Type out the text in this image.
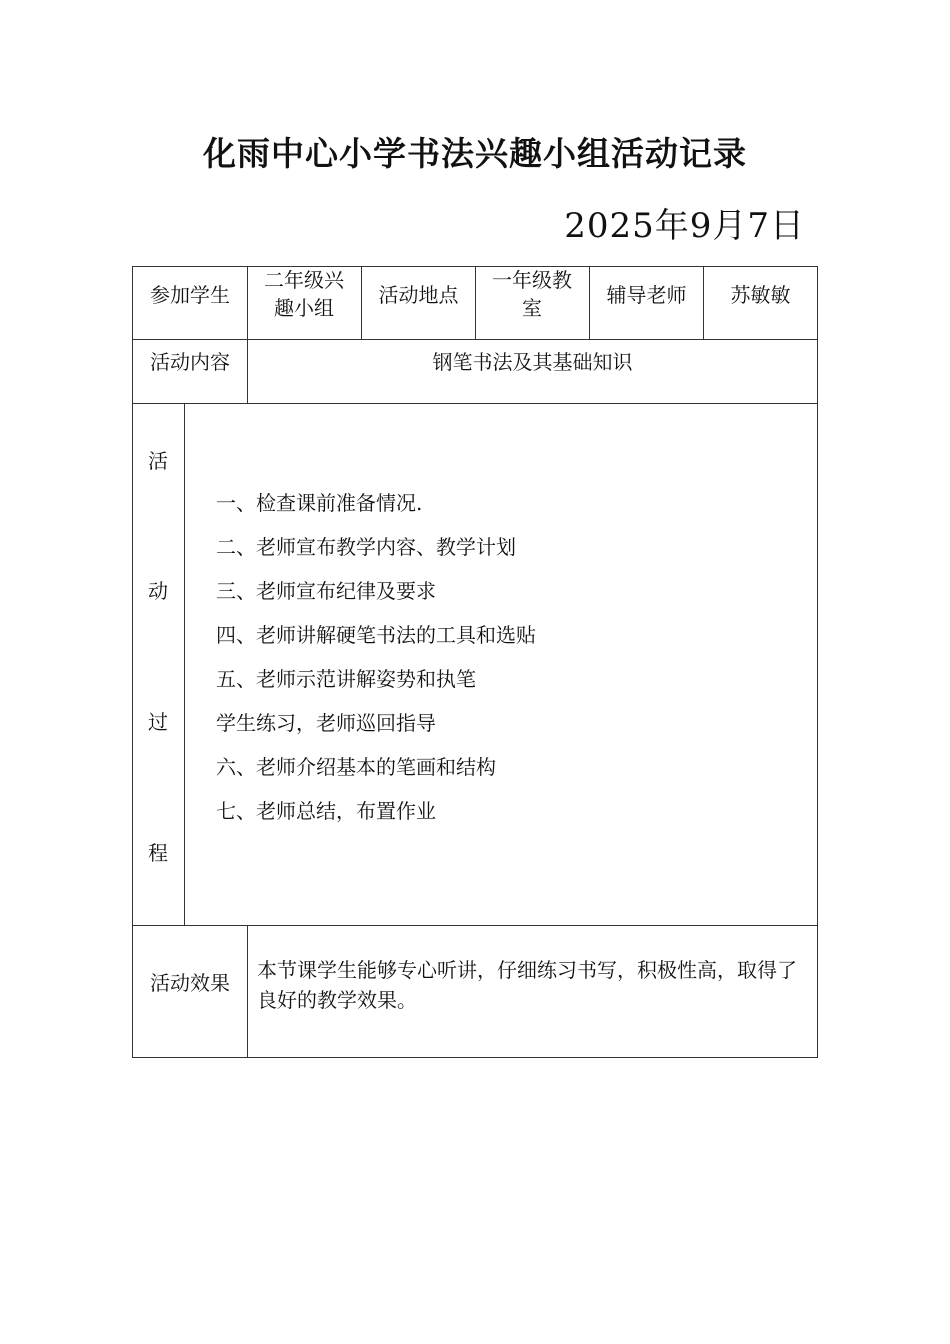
化雨中心小学书法兴趣小组活动记录
2025年9月7日
参加学生
二年级兴趣小组
活动地点
一年级教室
辅导老师	苏敏敏
活动内容	钢笔书法及其基础知识
活
动
过
程
一、检查课前准备情况.
二、老师宣布教学内容、教学计划
三、老师宣布纪律及要求
四、老师讲解硬笔书法的工具和选贴
五、老师示范讲解姿势和执笔
学生练习，老师巡回指导
六、老师介绍基本的笔画和结构
七、老师总结，布置作业
活动效果
本节课学生能够专心听讲，仔细练习书写，积极性高，取得了良好的教学效果。
